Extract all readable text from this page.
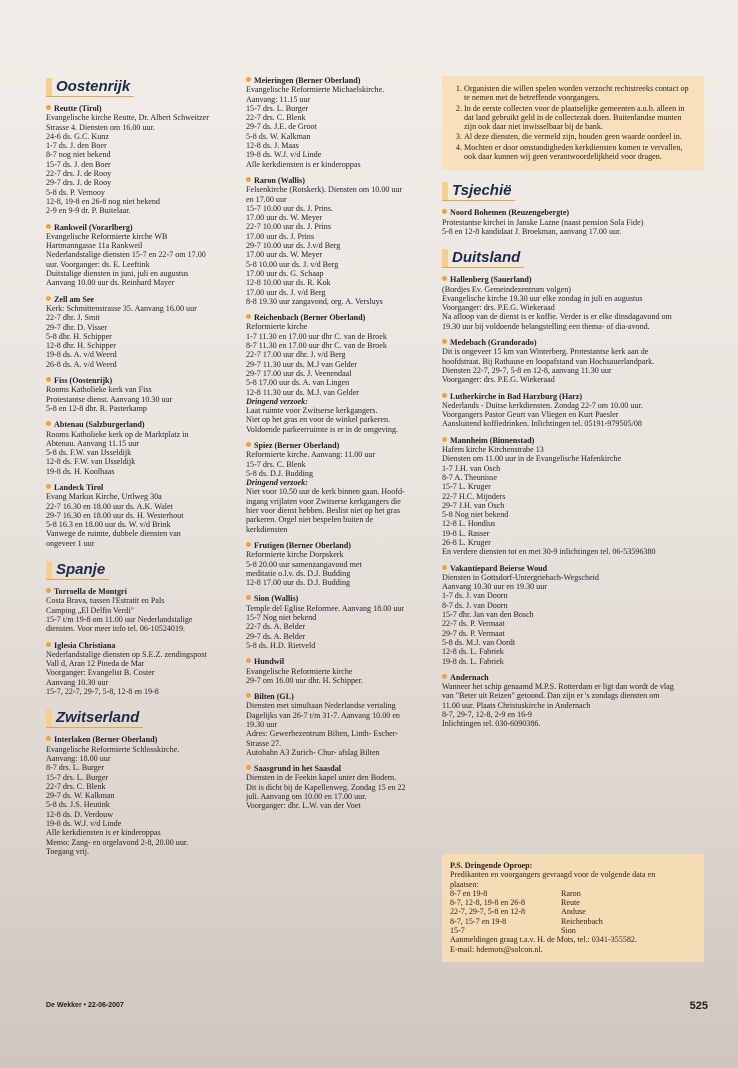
Oostenrijk
Reutte (Tirol)
Evangelische kirche Reutte, Dr. Albert Schweitzer
Strasse 4. Diensten om 16.00 uur.
24-6 ds. G.C. Kunz
1-7 ds. J. den Boer
8-7 nog niet bekend
15-7 ds. J. den Boer
22-7 drs. J. de Rooy
29-7 drs. J. de Rooy
5-8 ds. P. Vernooy
12-8, 19-8 en 26-8 nog niet bekend
2-9 en 9-9 dr. P. Buitelaar.
Rankweil (Vorarlberg)
Evangelische Reformierte kirche WB
Hartmanngasse 11a Rankweil
Nederlandstalige diensten 15-7 en 22-7 om 17.00
uur. Voorganger: ds. E. Leeftink
Duitstalige diensten in juni, juli en augustus
Aanvang 10.00 uur ds. Reinhard Mayer
Zell am See
Kerk: Schmittenstrasse 35. Aanvang 16.00 uur
22-7 dhr. J. Smit
29-7 dhr. D. Visser
5-8 dhr. H. Schipper
12-8 dhr. H. Schipper
19-8 ds. A. v/d Weerd
26-8 ds. A. v/d Weerd
Fiss (Oostenrijk)
Rooms Katholieke kerk van Fiss
Protestantse dienst. Aanvang 10.30 uur
5-8 en 12-8 dhr. R. Pasterkamp
Abtenau (Salzburgerland)
Rooms Katholieke kerk op de Marktplatz in
Abtenau. Aanvang 11.15 uur
5-8 ds. F.W. van IJsseldijk
12-8 ds. F.W. van IJsseldijk
19-8 ds. H. Koolhaas
Landeck Tirol
Evang Markus Kirche, Urtlweg 30a
22-7 16.30 en 18.00 uur ds. A.K. Walet
29-7 16.30 en 18.00 uur ds. H. Westerhout
5-8 16.3 en 18.00 uur ds. W. v/d Brink
Vanwege de ruimte, dubbele diensten van
ongeveer 1 uur
Spanje
Torroella de Montgri
Costa Brava, tussen l'Estratit en Pals
Camping „El Delfin Verdi"
15-7 t/m 19-8 om 11.00 uur Nederlandstalige
diensten. Voor meer info tel. 06-10524019.
Iglesia Christiana
Nederlandstalige diensten op S.E.Z. zendingspost
Vall d, Aran 12 Pineda de Mar
Voorganger: Evangelist B. Coster
Aanvang 10.30 uur
15-7, 22-7, 29-7, 5-8, 12-8 en 19-8
Zwitserland
Interlaken (Berner Oberland)
Evangelische Reformierte Schlosskirche.
Aanvang: 18.00 uur
8-7 drs. L. Burger
15-7 drs. L. Burger
22-7 drs. C. Blenk
29-7 ds. W. Kalkman
5-8 ds. J.S. Heutink
12-8 ds. D. Verdouw
19-8 ds. W.J. v/d Linde
Alle kerkdiensten is er kinderoppas
Memo: Zang- en orgelavond 2-8, 20.00 uur.
Toegang vrij.
Meieringen (Berner Oberland)
Evangelische Reformierte Michaelskirche.
Aanvang: 11.15 uur
15-7 drs. L. Burger
22-7 drs. C. Blenk
29-7 ds. J.E. de Groot
5-8 ds. W. Kalkman
12-8 ds. J. Maas
19-8 ds. W.J. v/d Linde
Alle kerkdiensten is er kinderoppas
Raron (Wallis)
Felsenkirche (Rotskerk). Diensten om 10.00 uur
en 17.00 uur
15-7 10.00 uur ds. J. Prins.
17.00 uur ds. W. Meyer
22-7 10.00 uur ds. J. Prins
17.00 uur ds. J. Prins
29-7 10.00 uur ds. J.v/d Berg
17.00 uur ds. W. Meyer
5-8 10.00 uur ds. J. v/d Berg
17.00 uur ds. G. Schaap
12-8 10.00 uur ds. R. Kok
17.00 uur ds. J. v/d Berg
8-8 19.30 uur zangavond, org. A. Versluys
Reichenbach (Berner Oberland)
Reformierte kirche
1-7 11.30 en 17.00 uur dhr C. van de Broek
8-7 11.30 en 17.00 uur dhr C. van de Broek
22-7 17.00 uur dhr. J. v/d Berg
29-7 11.30 uur ds. M.J van Gelder
29-7 17.00 uur ds. J. Veenendaal
5-8 17.00 uur ds. A. van Lingen
12-8 11.30 uur ds. M.J. van Gelder
Dringend verzoek:
Laat ruimte voor Zwitserse kerkgangers.
Niet op het gras en voor de winkel parkeren.
Voldoende parkeerruimte is er in de omgeving.
Spiez (Berner Oberland)
Reformierte kirche. Aanvang: 11.00 uur
15-7 drs. C. Blenk
5-8 ds. D.J. Budding
Dringend verzoek:
Niet voor 10.50 uur de kerk binnen gaan. Hoofd-
ingang vrijlaten voor Zwitserse kerkgangers die
hier voor dienst hebben. Beslist niet op het gras
parkeren. Orgel niet bespelen buiten de
kerkdiensten
Frutigen (Berner Oberland)
Reformierte kirche Dorpskerk
5-8 20.00 uur samenzangavond met
meditatie o.l.v. ds. D.J. Budding
12-8 17.00 uur ds. D.J. Budding
Sion (Wallis)
Temple del Eglise Reformee. Aanvang 18.00 uur
15-7 Nog niet bekend
22-7 ds. A. Belder
29-7 ds. A. Belder
5-8 ds. H.D. Rietveld
Hundwil
Evangelische Reformierte kirche
29-7 om 16.00 uur dhr. H. Schipper.
Bilten (GL)
Diensten met simultaan Nederlandse vertaling
Dagelijks van 26-7 t/m 31-7. Aanvang 10.00 en
19.30 uur
Adres: Gewerbezentrum Bilten, Linth- Escher-
Strasse 27.
Autobahn A3 Zurich- Chur- afslag Bilten
Saasgrund in het Saasdal
Diensten in de Feekin kapel unter den Bodem.
Dit is dicht bij de Kapellenweg. Zondag 15 en 22
juli. Aanvang om 10.00 en 17.00 uur.
Voorganger: dhr. L.W. van der Voet
1. Organisten die willen spelen worden verzocht rechtstreeks contact op te nemen met de betreffende voorgangers.
2. In de eerste collecten voor de plaatselijke gemeenten a.u.b. alleen in dat land gebruikt geld in de collectezak doen. Buitenlandse munten zijn ook daar niet inwisselbaar bij de bank.
3. Al deze diensten, die vermeld zijn, houden geen waarde oordeel in.
4. Mochten er door omstandigheden kerkdiensten komen te vervallen, ook daar kunnen wij geen verantwoordelijkheid voor dragen.
Tsjechië
Noord Bohemen (Reuzengebergte)
Protestantse kirchei in Janske Lazne (naast pension Sola Fide)
5-8 en 12-8 kandidaat J. Broekman, aanvang 17.00 uur.
Duitsland
Hallenberg (Sauerland)
(Bordjes Ev. Gemeindezentrum volgen)
Evangelische kirche 19.30 uur elke zondag in juli en augustus
Voorganger: drs. P.E.G. Wiekeraad
Na afloop van de dienst is er koffie. Verder is er elke dinsdagavond om
19.30 uur bij voldoende belangstelling een thema- of dia-avond.
Medebach (Grandorado)
Dit is ongeveer 15 km van Winterberg. Protestantse kerk aan de
hoofdstraat. Bij Rathause en loopafstand van Hochsauerlandpark.
Diensten 22-7, 29-7, 5-8 en 12-8, aanvang 11.30 uur
Voorganger: drs. P.E.G. Wiekeraad
Lutherkirche in Bad Harzburg (Harz)
Nederlands - Duitse kerkdiensten. Zondag 22-7 om 10.00 uur.
Voorgangers Pastor Geurt van Vliegen en Kurt Paesler
Aansluitend koffiedrinken. Inlichtingen tel. 05191-979505/08
Mannheim (Binnenstad)
Hafem kirche Kirchenstrabe 13
Diensten om 11.00 uur in de Evangelische Hafenkirche
1-7 J.H. van Osch
8-7 A. Theunisse
15-7 L. Kruger
22-7 H.C. Mijnders
29-7 J.H. van Osch
5-8 Nog niet bekend
12-8 L. Hondius
19-8 L. Rasser
26-8 L. Kruger
En verdere diensten tot en met 30-9 inlichtingen tel. 06-53596380
Vakantiepard Beierse Woud
Diensten in Gottsdorf-Untergriebach-Wegscheid
Aanvang 10.30 uur en 19.30 uur
1-7 ds. J. van Doorn
8-7 ds. J. van Doorn
15-7 dhr. Jan van den Bosch
22-7 ds. P. Vermaat
29-7 ds. P. Vermaat
5-8 ds. M.J. van Oordt
12-8 ds. L. Fabriek
19-8 ds. L. Fabriek
Andernach
Wanneer het schip genaamd M.P.S. Rotterdam er ligt dan wordt de vlag
van "Beter uit Reizen" getoond. Dan zijn er 's zondags diensten om
11.00 uur. Plaats Christuskirche in Andernach
8-7, 29-7, 12-8, 2-9 en 16-9
Inlichtingen tel. 030-6090386.
P.S. Dringende Oproep:
Predikanten en voorgangers gevraagd voor de volgende data en
plaatsen:
8-7 en 19-8	Raron
8-7, 12-8, 19-8 en 26-8	Reute
22-7, 29-7, 5-8 en 12-8	Anduse
8-7, 15-7 en 19-8	Reichenbach
15-7	Sion
Aanmeldingen graag t.a.v. H. de Mots, tel.: 0341-355582.
E-mail: hdemots@solcon.nl.
De Wekker • 22-06-2007	525
